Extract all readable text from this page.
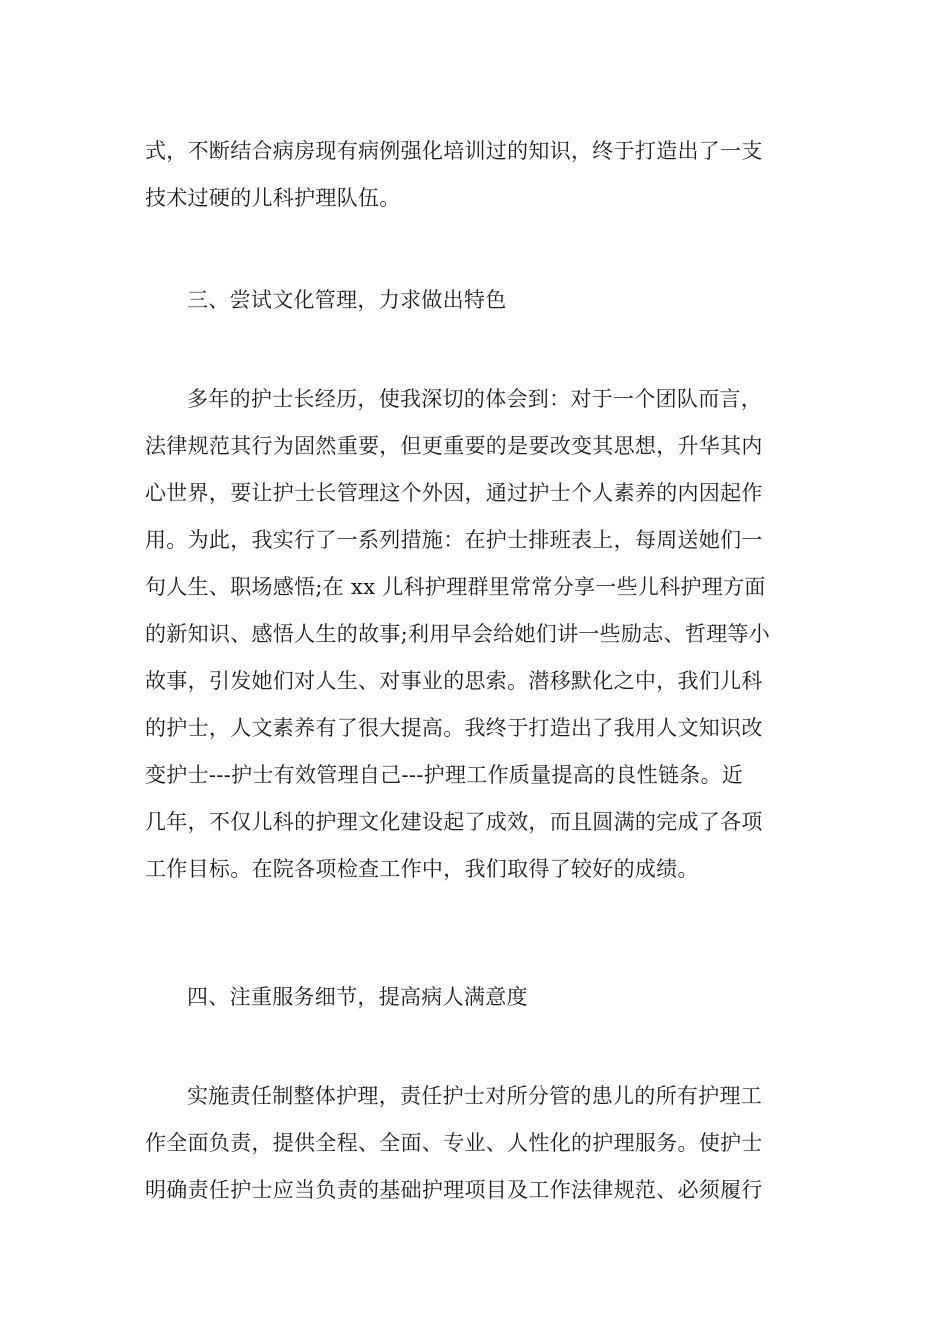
式，不断结合病房现有病例强化培训过的知识，终于打造出了一支
技术过硬的儿科护理队伍。
三、尝试文化管理，力求做出特色
多年的护士长经历，使我深切的体会到：对于一个团队而言，
法律规范其行为固然重要，但更重要的是要改变其思想，升华其内
心世界，要让护士长管理这个外因，通过护士个人素养的内因起作
用。为此，我实行了一系列措施：在护士排班表上，每周送她们一
句人生、职场感悟;在 xx 儿科护理群里常常分享一些儿科护理方面
的新知识、感悟人生的故事;利用早会给她们讲一些励志、哲理等小
故事，引发她们对人生、对事业的思索。潜移默化之中，我们儿科
的护士，人文素养有了很大提高。我终于打造出了我用人文知识改
变护士---护士有效管理自己---护理工作质量提高的良性链条。近
几年，不仅儿科的护理文化建设起了成效，而且圆满的完成了各项
工作目标。在院各项检查工作中，我们取得了较好的成绩。
四、注重服务细节，提高病人满意度
实施责任制整体护理，责任护士对所分管的患儿的所有护理工
作全面负责，提供全程、全面、专业、人性化的护理服务。使护士
明确责任护士应当负责的基础护理项目及工作法律规范、必须履行
